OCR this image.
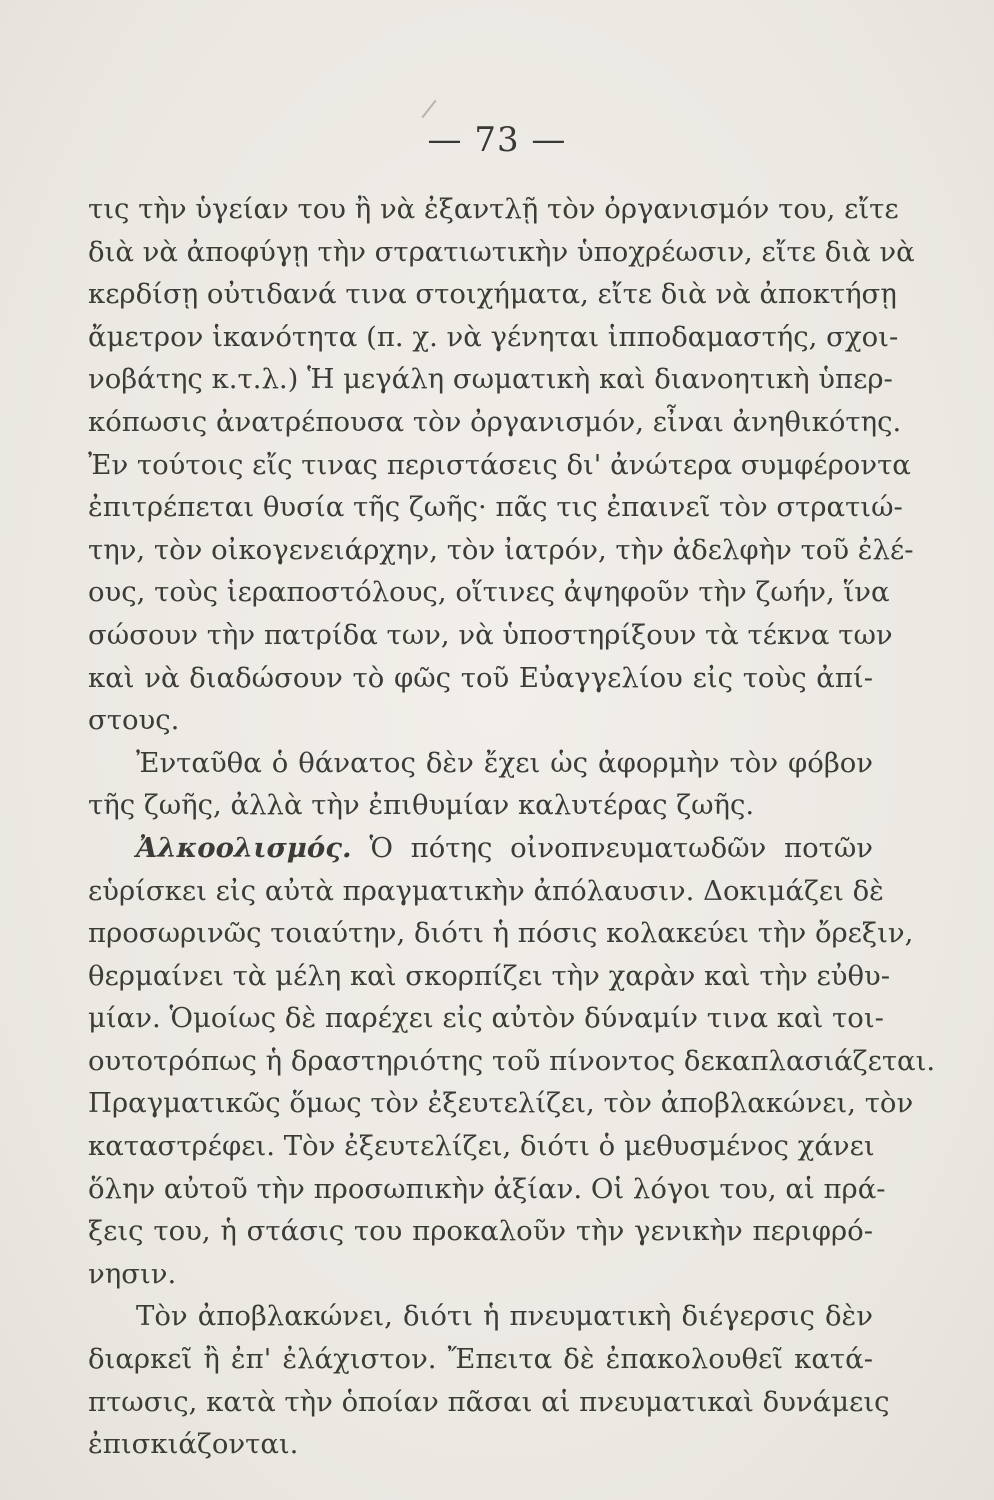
— 73 —
τις τὴν ὑγείαν του ἢ νὰ ἐξαντλῇ τὸν ὀργανισμόν του, εἴτε
διὰ νὰ ἀποφύγῃ τὴν στρατιωτικὴν ὑποχρέωσιν, εἴτε διὰ νὰ
κερδίσῃ οὐτιδανά τινα στοιχήματα, εἴτε διὰ νὰ ἀποκτήσῃ
ἄμετρον ἱκανότητα (π. χ. νὰ γένηται ἱπποδαμαστής, σχοι-
νοβάτης κ.τ.λ.) Ἡ μεγάλη σωματικὴ καὶ διανοητικὴ ὑπερ-
κόπωσις ἀνατρέπουσα τὸν ὀργανισμόν, εἶναι ἀνηθικότης.
Ἐν τούτοις εἴς τινας περιστάσεις δι' ἀνώτερα συμφέροντα
ἐπιτρέπεται θυσία τῆς ζωῆς· πᾶς τις ἐπαινεῖ τὸν στρατιώ-
την, τὸν οἰκογενειάρχην, τὸν ἰατρόν, τὴν ἀδελφὴν τοῦ ἐλέ-
ους, τοὺς ἱεραποστόλους, οἵτινες ἀψηφοῦν τὴν ζωήν, ἵνα
σώσουν τὴν πατρίδα των, νὰ ὑποστηρίξουν τὰ τέκνα των
καὶ νὰ διαδώσουν τὸ φῶς τοῦ Εὐαγγελίου εἰς τοὺς ἀπί-
στους.
Ἐνταῦθα ὁ θάνατος δὲν ἔχει ὡς ἀφορμὴν τὸν φόβον
τῆς ζωῆς, ἀλλὰ τὴν ἐπιθυμίαν καλυτέρας ζωῆς.
Ἀλκοολισμός. Ὁ πότης οἰνοπνευματωδῶν ποτῶν
εὑρίσκει εἰς αὐτὰ πραγματικὴν ἀπόλαυσιν. Δοκιμάζει δὲ
προσωρινῶς τοιαύτην, διότι ἡ πόσις κολακεύει τὴν ὄρεξιν,
θερμαίνει τὰ μέλη καὶ σκορπίζει τὴν χαρὰν καὶ τὴν εὐθυ-
μίαν. Ὁμοίως δὲ παρέχει εἰς αὐτὸν δύναμίν τινα καὶ τοι-
ουτοτρόπως ἡ δραστηριότης τοῦ πίνοντος δεκαπλασιάζεται.
Πραγματικῶς ὅμως τὸν ἐξευτελίζει, τὸν ἀποβλακώνει, τὸν
καταστρέφει. Τὸν ἐξευτελίζει, διότι ὁ μεθυσμένος χάνει
ὅλην αὐτοῦ τὴν προσωπικὴν ἀξίαν. Οἱ λόγοι του, αἱ πρά-
ξεις του, ἡ στάσις του προκαλοῦν τὴν γενικὴν περιφρό-
νησιν.
Τὸν ἀποβλακώνει, διότι ἡ πνευματικὴ διέγερσις δὲν
διαρκεῖ ἢ ἐπ' ἐλάχιστον. Ἔπειτα δὲ ἐπακολουθεῖ κατά-
πτωσις, κατὰ τὴν ὁποίαν πᾶσαι αἱ πνευματικαὶ δυνάμεις
ἐπισκιάζονται.
